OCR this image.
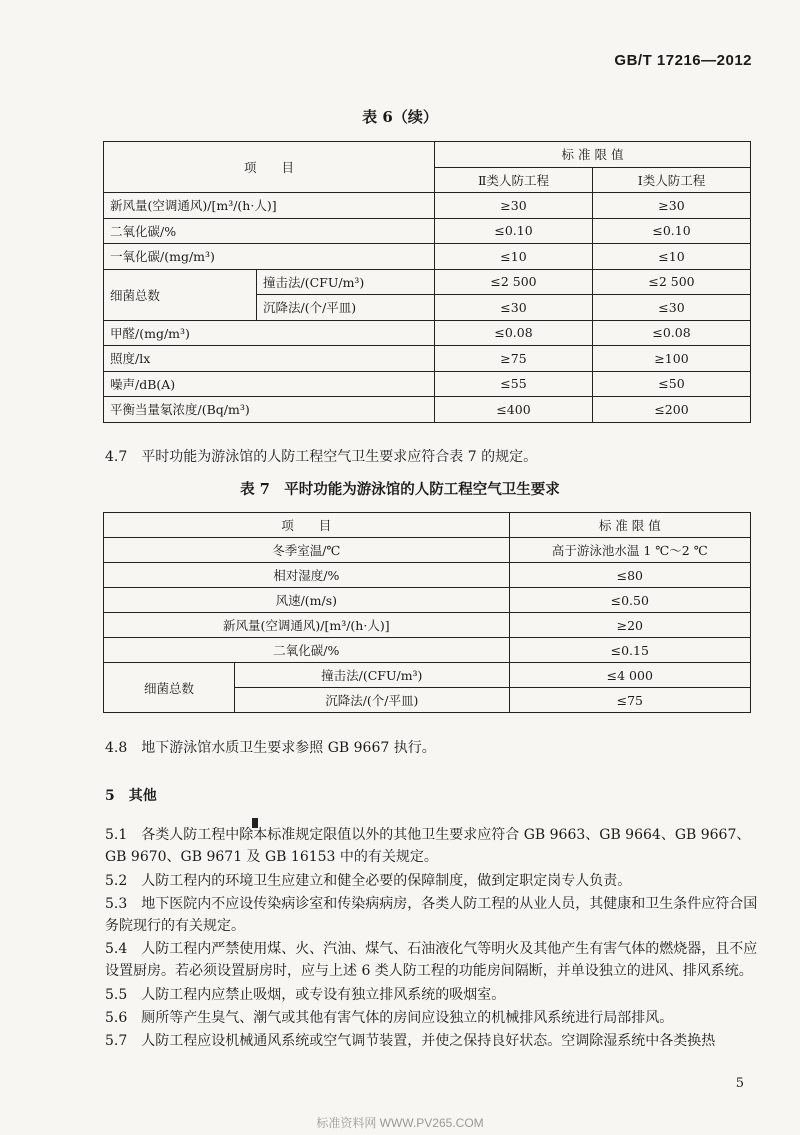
GB/T 17216—2012
表 6（续）
项　　目		标 准 限 值	
		Ⅱ类人防工程	Ⅰ类人防工程
新风量(空调通风)/[m³/(h·人)]		≥30	≥30
二氧化碳/%		≤0.10	≤0.10
一氧化碳/(mg/m³)		≤10	≤10
细菌总数	撞击法/(CFU/m³)	≤2 500	≤2 500
	沉降法/(个/平皿)	≤30	≤30
甲醛/(mg/m³)		≤0.08	≤0.08
照度/lx		≥75	≥100
噪声/dB(A)		≤55	≤50
平衡当量氡浓度/(Bq/m³)		≤400	≤200
4.7　平时功能为游泳馆的人防工程空气卫生要求应符合表 7 的规定。
表 7　平时功能为游泳馆的人防工程空气卫生要求
项　　目		标 准 限 值
冬季室温/℃		高于游泳池水温 1 ℃～2 ℃
相对湿度/%		≤80
风速/(m/s)		≤0.50
新风量(空调通风)/[m³/(h·人)]		≥20
二氧化碳/%		≤0.15
细菌总数	撞击法/(CFU/m³)	≤4 000
	沉降法/(个/平皿)	≤75
4.8　地下游泳馆水质卫生要求参照 GB 9667 执行。
5　其他
5.1　各类人防工程中除本标准规定限值以外的其他卫生要求应符合 GB 9663、GB 9664、GB 9667、GB 9670、GB 9671 及 GB 16153 中的有关规定。
5.2　人防工程内的环境卫生应建立和健全必要的保障制度，做到定职定岗专人负责。
5.3　地下医院内不应设传染病诊室和传染病病房，各类人防工程的从业人员，其健康和卫生条件应符合国务院现行的有关规定。
5.4　人防工程内严禁使用煤、火、汽油、煤气、石油液化气等明火及其他产生有害气体的燃烧器，且不应设置厨房。若必须设置厨房时，应与上述 6 类人防工程的功能房间隔断，并单设独立的进风、排风系统。
5.5　人防工程内应禁止吸烟，或专设有独立排风系统的吸烟室。
5.6　厕所等产生臭气、潮气或其他有害气体的房间应设独立的机械排风系统进行局部排风。
5.7　人防工程应设机械通风系统或空气调节装置，并使之保持良好状态。空调除湿系统中各类换热
5
标准资料网 WWW.PV265.COM
